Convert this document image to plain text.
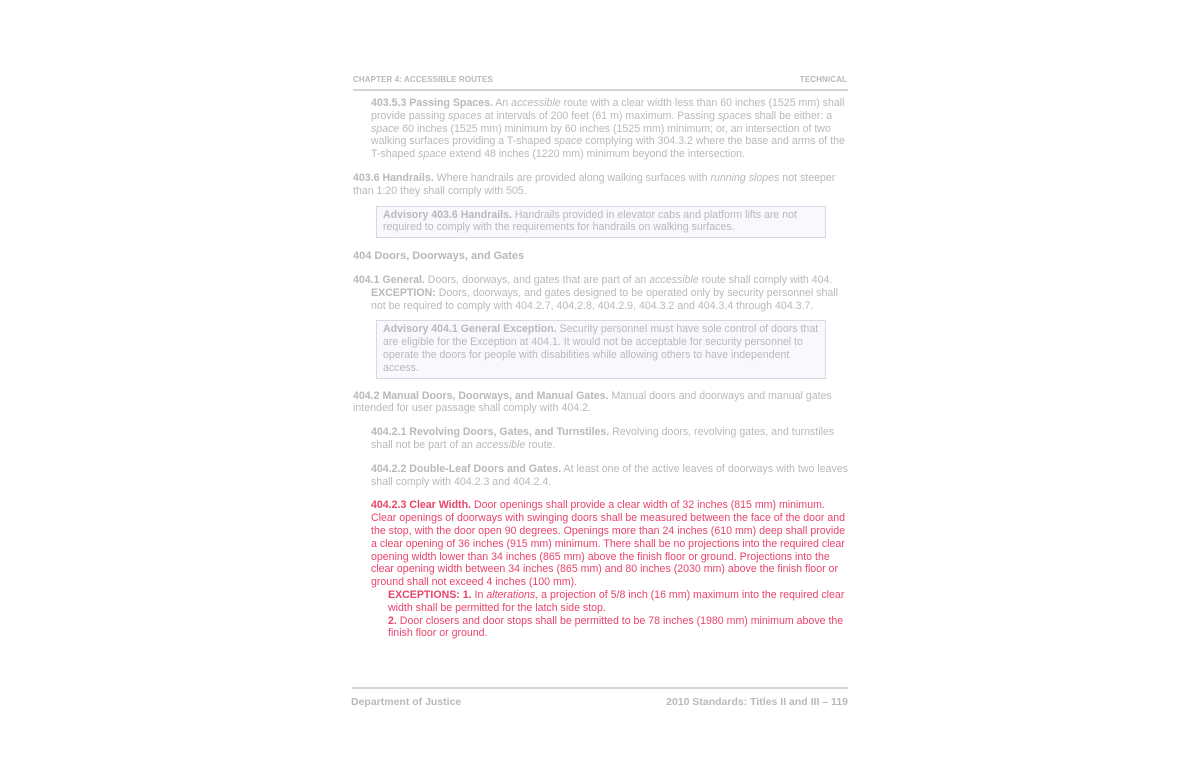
CHAPTER 4: ACCESSIBLE ROUTES	TECHNICAL

403.5.3 Passing Spaces. An accessible route with a clear width less than 60 inches (1525 mm) shall provide passing spaces at intervals of 200 feet (61 m) maximum. Passing spaces shall be either: a space 60 inches (1525 mm) minimum by 60 inches (1525 mm) minimum; or, an intersection of two walking surfaces providing a T-shaped space complying with 304.3.2 where the base and arms of the T-shaped space extend 48 inches (1220 mm) minimum beyond the intersection.

403.6 Handrails. Where handrails are provided along walking surfaces with running slopes not steeper than 1:20 they shall comply with 505.

Advisory 403.6 Handrails. Handrails provided in elevator cabs and platform lifts are not required to comply with the requirements for handrails on walking surfaces.

404 Doors, Doorways, and Gates

404.1 General. Doors, doorways, and gates that are part of an accessible route shall comply with 404.

EXCEPTION: Doors, doorways, and gates designed to be operated only by security personnel shall not be required to comply with 404.2.7, 404.2.8, 404.2.9, 404.3.2 and 404.3.4 through 404.3.7.

Advisory 404.1 General Exception. Security personnel must have sole control of doors that are eligible for the Exception at 404.1. It would not be acceptable for security personnel to operate the doors for people with disabilities while allowing others to have independent access.

404.2 Manual Doors, Doorways, and Manual Gates. Manual doors and doorways and manual gates intended for user passage shall comply with 404.2.

404.2.1 Revolving Doors, Gates, and Turnstiles. Revolving doors, revolving gates, and turnstiles shall not be part of an accessible route.

404.2.2 Double-Leaf Doors and Gates. At least one of the active leaves of doorways with two leaves shall comply with 404.2.3 and 404.2.4.

404.2.3 Clear Width. Door openings shall provide a clear width of 32 inches (815 mm) minimum. Clear openings of doorways with swinging doors shall be measured between the face of the door and the stop, with the door open 90 degrees. Openings more than 24 inches (610 mm) deep shall provide a clear opening of 36 inches (915 mm) minimum. There shall be no projections into the required clear opening width lower than 34 inches (865 mm) above the finish floor or ground. Projections into the clear opening width between 34 inches (865 mm) and 80 inches (2030 mm) above the finish floor or ground shall not exceed 4 inches (100 mm).

EXCEPTIONS: 1. In alterations, a projection of 5/8 inch (16 mm) maximum into the required clear width shall be permitted for the latch side stop.

2. Door closers and door stops shall be permitted to be 78 inches (1980 mm) minimum above the finish floor or ground.

Department of Justice	2010 Standards: Titles II and III – 119
